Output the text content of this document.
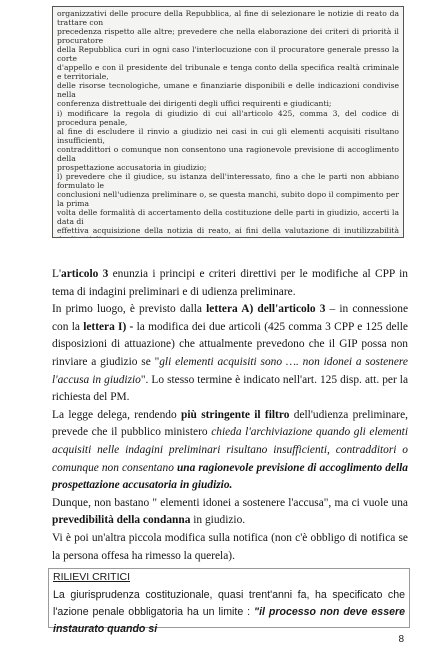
organizzativi delle procure della Repubblica, al fine di selezionare le notizie di reato da trattare con

precedenza rispetto alle altre; prevedere che nella elaborazione dei criteri di priorità il procuratore

della Repubblica curi in ogni caso l'interlocuzione con il procuratore generale presso la corte

d'appello e con il presidente del tribunale e tenga conto della specifica realtà criminale e territoriale,

delle risorse tecnologiche, umane e finanziarie disponibili e delle indicazioni condivise nella

conferenza distrettuale dei dirigenti degli uffici requirenti e giudicanti;

i) modificare la regola di giudizio di cui all'articolo 425, comma 3, del codice di procedura penale,

al fine di escludere il rinvio a giudizio nei casi in cui gli elementi acquisiti risultano insufficienti,

contraddittori o comunque non consentono una ragionevole previsione di accoglimento della

prospettazione accusatoria in giudizio;

l) prevedere che il giudice, su istanza dell'interessato, fino a che le parti non abbiano formulato le

conclusioni nell'udienza preliminare o, se questa manchi, subito dopo il compimento per la prima

volta delle formalità di accertamento della costituzione delle parti in giudizio, accerti la data di

effettiva acquisizione della notizia di reato, ai fini della valutazione di inutilizzabilità

L'articolo 3 enunzia i principi e criteri direttivi per le modifiche al CPP in tema di indagini preliminari e di udienza preliminare.

In primo luogo, è previsto dalla lettera A) dell'articolo 3 – in connessione con la lettera I) - la modifica dei due articoli (425 comma 3 CPP e 125 delle disposizioni di attuazione) che attualmente prevedono che il GIP possa non rinviare a giudizio se "gli elementi acquisiti sono …. non idonei a sostenere l'accusa in giudizio". Lo stesso termine è indicato nell'art. 125 disp. att. per la richiesta del PM.

La legge delega, rendendo più stringente il filtro dell'udienza preliminare, prevede che il pubblico ministero chieda l'archiviazione quando gli elementi acquisiti nelle indagini preliminari risultano insufficienti, contradditori o comunque non consentano una ragionevole previsione di accoglimento della prospettazione accusatoria in giudizio.

Dunque, non bastano " elementi idonei a sostenere l'accusa", ma ci vuole una prevedibilità della condanna in giudizio.

Vi è poi un'altra piccola modifica sulla notifica (non c'è obbligo di notifica se la persona offesa ha rimesso la querela).

RILIEVI CRITICI

La giurisprudenza costituzionale, quasi trent'anni fa, ha specificato che l'azione penale obbligatoria ha un limite : "il processo non deve essere instaurato quando si

8
